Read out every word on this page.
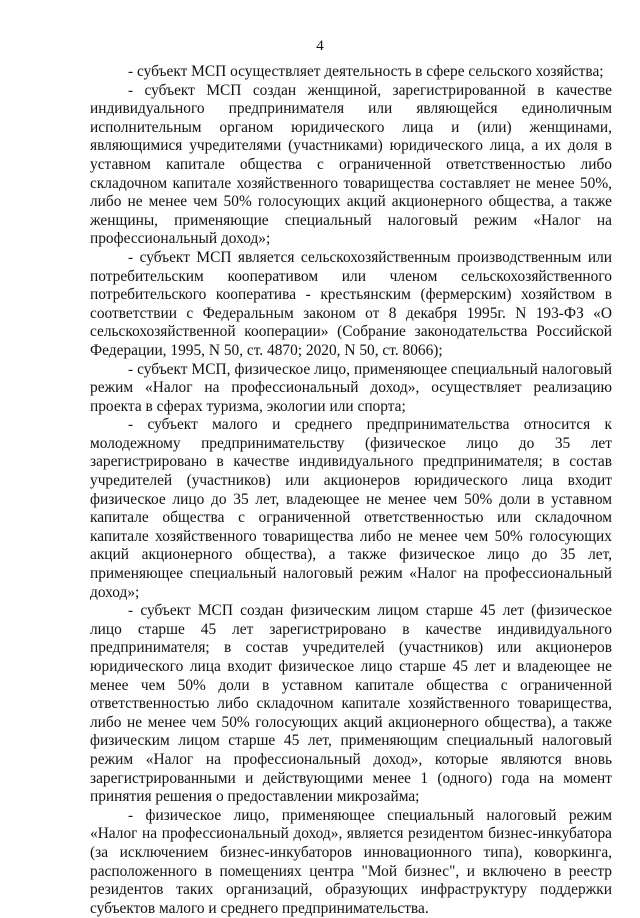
4

- субъект МСП осуществляет деятельность в сфере сельского хозяйства;

- субъект МСП создан женщиной, зарегистрированной в качестве индивидуального предпринимателя или являющейся единоличным исполнительным органом юридического лица и (или) женщинами, являющимися учредителями (участниками) юридического лица, а их доля в уставном капитале общества с ограниченной ответственностью либо складочном капитале хозяйственного товарищества составляет не менее 50%, либо не менее чем 50% голосующих акций акционерного общества, а также женщины, применяющие специальный налоговый режим «Налог на профессиональный доход»;

- субъект МСП является сельскохозяйственным производственным или потребительским кооперативом или членом сельскохозяйственного потребительского кооператива - крестьянским (фермерским) хозяйством в соответствии с Федеральным законом от 8 декабря 1995г. N 193-ФЗ «О сельскохозяйственной кооперации» (Собрание законодательства Российской Федерации, 1995, N 50, ст. 4870; 2020, N 50, ст. 8066);

- субъект МСП, физическое лицо, применяющее специальный налоговый режим «Налог на профессиональный доход», осуществляет реализацию проекта в сферах туризма, экологии или спорта;

- субъект малого и среднего предпринимательства относится к молодежному предпринимательству (физическое лицо до 35 лет зарегистрировано в качестве индивидуального предпринимателя; в состав учредителей (участников) или акционеров юридического лица входит физическое лицо до 35 лет, владеющее не менее чем 50% доли в уставном капитале общества с ограниченной ответственностью или складочном капитале хозяйственного товарищества либо не менее чем 50% голосующих акций акционерного общества), а также физическое лицо до 35 лет, применяющее специальный налоговый режим «Налог на профессиональный доход»;

- субъект МСП создан физическим лицом старше 45 лет (физическое лицо старше 45 лет зарегистрировано в качестве индивидуального предпринимателя; в состав учредителей (участников) или акционеров юридического лица входит физическое лицо старше 45 лет и владеющее не менее чем 50% доли в уставном капитале общества с ограниченной ответственностью либо складочном капитале хозяйственного товарищества, либо не менее чем 50% голосующих акций акционерного общества), а также физическим лицом старше 45 лет, применяющим специальный налоговый режим «Налог на профессиональный доход», которые являются вновь зарегистрированными и действующими менее 1 (одного) года на момент принятия решения о предоставлении микрозайма;

- физическое лицо, применяющее специальный налоговый режим «Налог на профессиональный доход», является резидентом бизнес-инкубатора (за исключением бизнес-инкубаторов инновационного типа), коворкинга, расположенного в помещениях центра "Мой бизнес", и включено в реестр резидентов таких организаций, образующих инфраструктуру поддержки субъектов малого и среднего предпринимательства.
